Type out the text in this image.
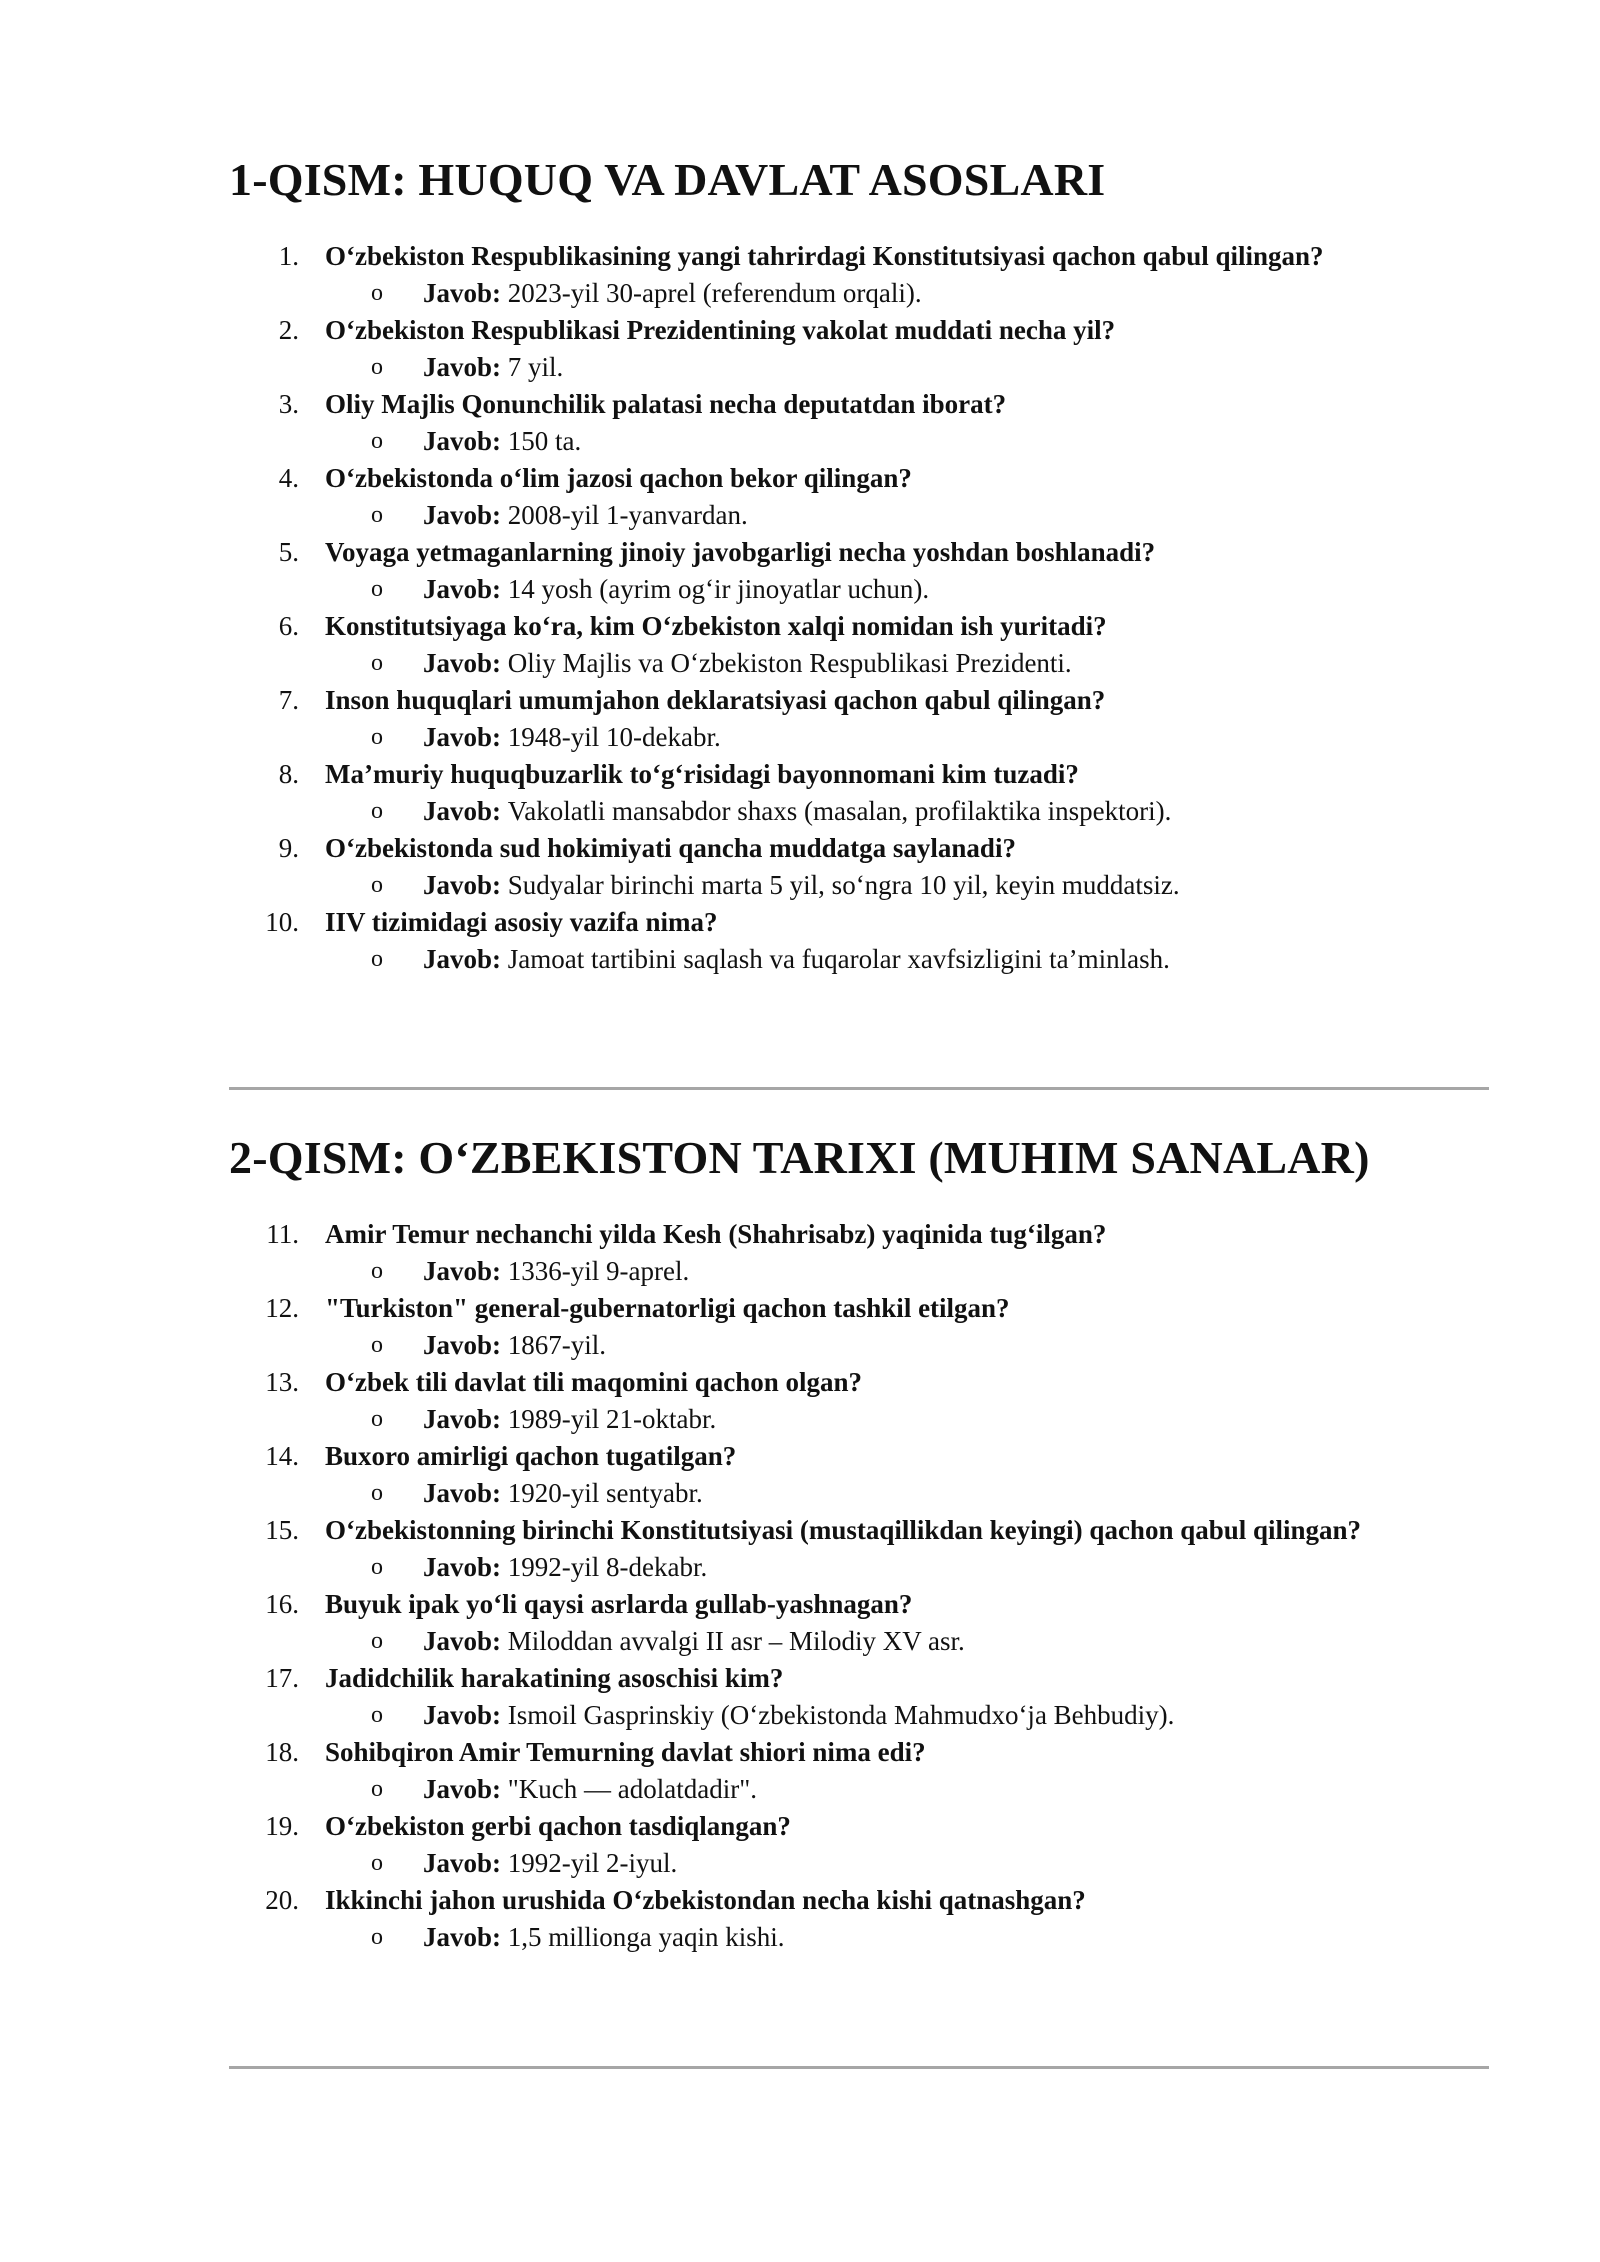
1-QISM: HUQUQ VA DAVLAT ASOSLARI
1. O‘zbekiston Respublikasining yangi tahrirdagi Konstitutsiyasi qachon qabul qilingan?
o Javob: 2023-yil 30-aprel (referendum orqali).
2. O‘zbekiston Respublikasi Prezidentining vakolat muddati necha yil?
o Javob: 7 yil.
3. Oliy Majlis Qonunchilik palatasi necha deputatdan iborat?
o Javob: 150 ta.
4. O‘zbekistonda o‘lim jazosi qachon bekor qilingan?
o Javob: 2008-yil 1-yanvardan.
5. Voyaga yetmaganlarning jinoiy javobgarligi necha yoshdan boshlanadi?
o Javob: 14 yosh (ayrim og‘ir jinoyatlar uchun).
6. Konstitutsiyaga ko‘ra, kim O‘zbekiston xalqi nomidan ish yuritadi?
o Javob: Oliy Majlis va O‘zbekiston Respublikasi Prezidenti.
7. Inson huquqlari umumjahon deklaratsiyasi qachon qabul qilingan?
o Javob: 1948-yil 10-dekabr.
8. Ma’muriy huquqbuzarlik to‘g‘risidagi bayonnomani kim tuzadi?
o Javob: Vakolatli mansabdor shaxs (masalan, profilaktika inspektori).
9. O‘zbekistonda sud hokimiyati qancha muddatga saylanadi?
o Javob: Sudyalar birinchi marta 5 yil, so‘ngra 10 yil, keyin muddatsiz.
10. IIV tizimidagi asosiy vazifa nima?
o Javob: Jamoat tartibini saqlash va fuqarolar xavfsizligini ta’minlash.
2-QISM: O‘ZBEKISTON TARIXI (MUHIM SANALAR)
11. Amir Temur nechanchi yilda Kesh (Shahrisabz) yaqinida tug‘ilgan?
o Javob: 1336-yil 9-aprel.
12. "Turkiston" general-gubernatorligi qachon tashkil etilgan?
o Javob: 1867-yil.
13. O‘zbek tili davlat tili maqomini qachon olgan?
o Javob: 1989-yil 21-oktabr.
14. Buxoro amirligi qachon tugatilgan?
o Javob: 1920-yil sentyabr.
15. O‘zbekistonning birinchi Konstitutsiyasi (mustaqillikdan keyingi) qachon qabul qilingan?
o Javob: 1992-yil 8-dekabr.
16. Buyuk ipak yo‘li qaysi asrlarda gullab-yashnagan?
o Javob: Miloddan avvalgi II asr – Milodiy XV asr.
17. Jadidchilik harakatining asoschisi kim?
o Javob: Ismoil Gasprinskiy (O‘zbekistonda Mahmudxo‘ja Behbudiy).
18. Sohibqiron Amir Temurning davlat shiori nima edi?
o Javob: "Kuch — adolatdadir".
19. O‘zbekiston gerbi qachon tasdiqlangan?
o Javob: 1992-yil 2-iyul.
20. Ikkinchi jahon urushida O‘zbekistondan necha kishi qatnashgan?
o Javob: 1,5 millionga yaqin kishi.
